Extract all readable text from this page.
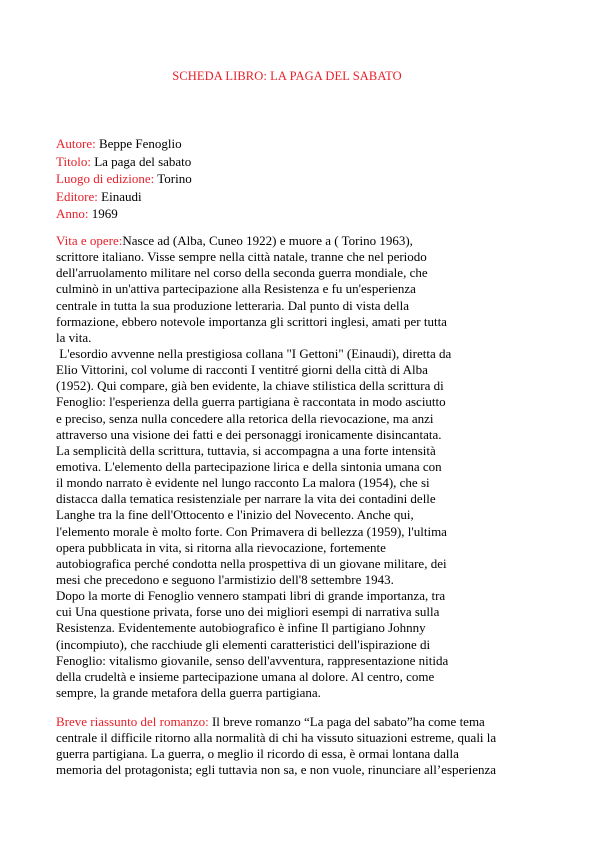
SCHEDA LIBRO: LA PAGA DEL SABATO
Autore: Beppe Fenoglio
Titolo: La paga del sabato
Luogo di edizione: Torino
Editore: Einaudi
Anno: 1969
Vita e opere:Nasce ad (Alba, Cuneo 1922) e muore a ( Torino 1963),
scrittore italiano. Visse sempre nella città natale, tranne che nel periodo
dell'arruolamento militare nel corso della seconda guerra mondiale, che
culminò in un'attiva partecipazione alla Resistenza e fu un'esperienza
centrale in tutta la sua produzione letteraria. Dal punto di vista della
formazione, ebbero notevole importanza gli scrittori inglesi, amati per tutta
la vita.
L'esordio avvenne nella prestigiosa collana "I Gettoni" (Einaudi), diretta da
Elio Vittorini, col volume di racconti I ventitré giorni della città di Alba
(1952). Qui compare, già ben evidente, la chiave stilistica della scrittura di
Fenoglio: l'esperienza della guerra partigiana è raccontata in modo asciutto
e preciso, senza nulla concedere alla retorica della rievocazione, ma anzi
attraverso una visione dei fatti e dei personaggi ironicamente disincantata.
La semplicità della scrittura, tuttavia, si accompagna a una forte intensità
emotiva. L'elemento della partecipazione lirica e della sintonia umana con
il mondo narrato è evidente nel lungo racconto La malora (1954), che si
distacca dalla tematica resistenziale per narrare la vita dei contadini delle
Langhe tra la fine dell'Ottocento e l'inizio del Novecento. Anche qui,
l'elemento morale è molto forte. Con Primavera di bellezza (1959), l'ultima
opera pubblicata in vita, si ritorna alla rievocazione, fortemente
autobiografica perché condotta nella prospettiva di un giovane militare, dei
mesi che precedono e seguono l'armistizio dell'8 settembre 1943.
Dopo la morte di Fenoglio vennero stampati libri di grande importanza, tra
cui Una questione privata, forse uno dei migliori esempi di narrativa sulla
Resistenza. Evidentemente autobiografico è infine Il partigiano Johnny
(incompiuto), che racchiude gli elementi caratteristici dell'ispirazione di
Fenoglio: vitalismo giovanile, senso dell'avventura, rappresentazione nitida
della crudeltà e insieme partecipazione umana al dolore. Al centro, come
sempre, la grande metafora della guerra partigiana.
Breve riassunto del romanzo: Il breve romanzo “La paga del sabato”ha come tema
centrale il difficile ritorno alla normalità di chi ha vissuto situazioni estreme, quali la
guerra partigiana. La guerra, o meglio il ricordo di essa, è ormai lontana dalla
memoria del protagonista; egli tuttavia non sa, e non vuole, rinunciare all’esperienza
